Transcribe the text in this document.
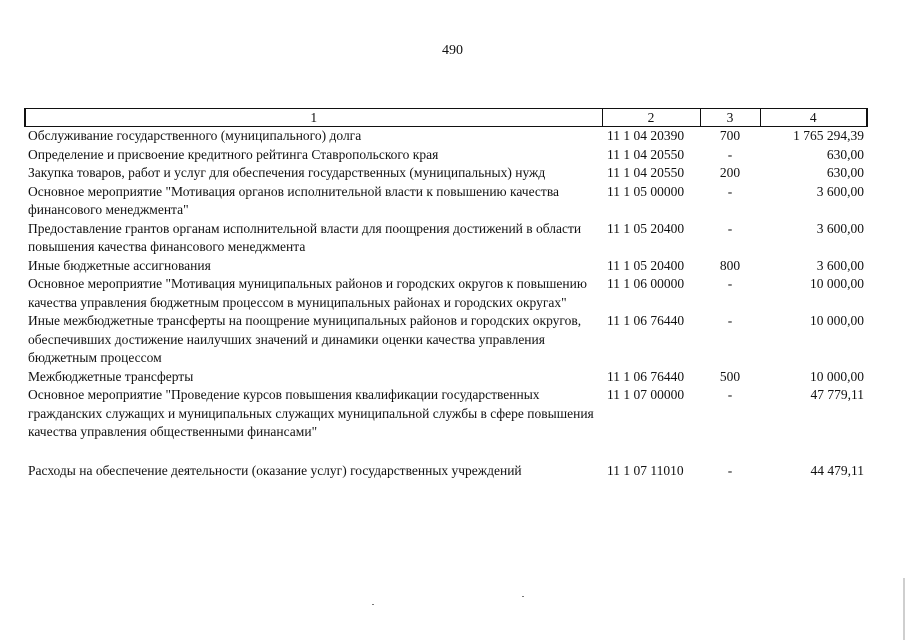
490
1	2	3	4
Обслуживание государственного (муниципального) долга	11 1 04 20390	700	1 765 294,39
Определение и присвоение кредитного рейтинга Ставропольского края	11 1 04 20550	-	630,00
Закупка товаров, работ и услуг для обеспечения государственных (муниципальных) нужд	11 1 04 20550	200	630,00
Основное мероприятие "Мотивация органов исполнительной власти к повышению качества финансового менеджмента"	11 1 05 00000	-	3 600,00
Предоставление грантов органам исполнительной власти для поощрения достижений в области повышения качества финансового менеджмента	11 1 05 20400	-	3 600,00
Иные бюджетные ассигнования	11 1 05 20400	800	3 600,00
Основное мероприятие "Мотивация муниципальных районов и городских округов к повышению качества управления бюджетным процессом в муниципальных районах и городских округах"	11 1 06 00000	-	10 000,00
Иные межбюджетные трансферты на поощрение муниципальных районов и городских округов, обеспечивших достижение наилучших значений и динамики оценки качества управления бюджетным процессом	11 1 06 76440	-	10 000,00
Межбюджетные трансферты	11 1 06 76440	500	10 000,00
Основное мероприятие "Проведение курсов повышения квалификации государственных гражданских служащих и муниципальных служащих муниципальной службы в сфере повышения качества управления общественными финансами"	11 1 07 00000	-	47 779,11
Расходы на обеспечение деятельности (оказание услуг) государственных учреждений	11 1 07 11010	-	44 479,11
